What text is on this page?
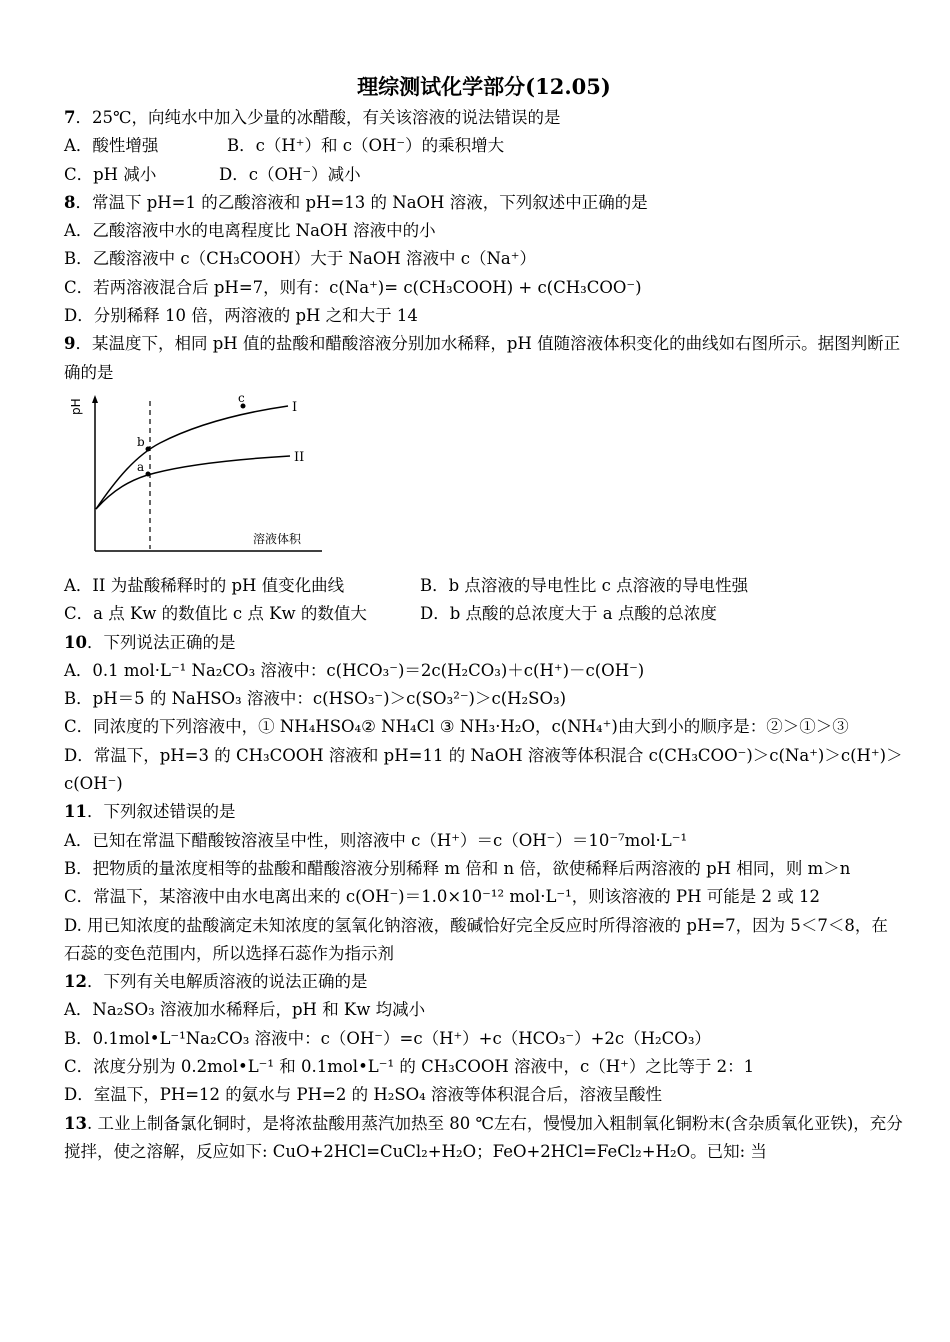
理综测试化学部分(12.05)
7．25℃，向纯水中加入少量的冰醋酸，有关该溶液的说法错误的是
A．酸性增强	B．c（H⁺）和 c（OH⁻）的乘积增大
C．pH 减小	D．c（OH⁻）减小
8．常温下 pH=1 的乙酸溶液和 pH=13 的 NaOH 溶液，下列叙述中正确的是
A．乙酸溶液中水的电离程度比 NaOH 溶液中的小
B．乙酸溶液中 c（CH₃COOH）大于 NaOH 溶液中 c（Na⁺）
C．若两溶液混合后 pH=7，则有：c(Na⁺)= c(CH₃COOH) + c(CH₃COO⁻)
D．分别稀释 10 倍，两溶液的 pH 之和大于 14
9．某温度下，相同 pH 值的盐酸和醋酸溶液分别加水稀释，pH 值随溶液体积变化的曲线如右图所示。据图判断正确的是
pH
溶液体积
I
II
b
a
c
A．II 为盐酸稀释时的 pH 值变化曲线	B．b 点溶液的导电性比 c 点溶液的导电性强
C．a 点 Kw 的数值比 c 点 Kw 的数值大	D．b 点酸的总浓度大于 a 点酸的总浓度
10．下列说法正确的是
A．0.1 mol·L⁻¹ Na₂CO₃ 溶液中：c(HCO₃⁻)＝2c(H₂CO₃)＋c(H⁺)－c(OH⁻)
B．pH＝5 的 NaHSO₃ 溶液中：c(HSO₃⁻)＞c(SO₃²⁻)＞c(H₂SO₃)
C．同浓度的下列溶液中，① NH₄HSO₄② NH₄Cl ③ NH₃·H₂O，c(NH₄⁺)由大到小的顺序是：②＞①＞③
D．常温下，pH=3 的 CH₃COOH 溶液和 pH=11 的 NaOH 溶液等体积混合 c(CH₃COO⁻)＞c(Na⁺)＞c(H⁺)＞c(OH⁻)
11．下列叙述错误的是
A．已知在常温下醋酸铵溶液呈中性，则溶液中 c（H⁺）＝c（OH⁻）＝10⁻⁷mol·L⁻¹
B．把物质的量浓度相等的盐酸和醋酸溶液分别稀释 m 倍和 n 倍，欲使稀释后两溶液的 pH 相同，则 m＞n
C．常温下，某溶液中由水电离出来的 c(OH⁻)＝1.0×10⁻¹² mol·L⁻¹，则该溶液的 PH 可能是 2 或 12
D. 用已知浓度的盐酸滴定未知浓度的氢氧化钠溶液，酸碱恰好完全反应时所得溶液的 pH=7，因为 5＜7＜8，在石蕊的变色范围内，所以选择石蕊作为指示剂
12．下列有关电解质溶液的说法正确的是
A．Na₂SO₃ 溶液加水稀释后，pH 和 Kw 均减小
B．0.1mol•L⁻¹Na₂CO₃ 溶液中：c（OH⁻）=c（H⁺）+c（HCO₃⁻）+2c（H₂CO₃）
C．浓度分别为 0.2mol•L⁻¹ 和 0.1mol•L⁻¹ 的 CH₃COOH 溶液中，c（H⁺）之比等于 2：1
D．室温下，PH=12 的氨水与 PH=2 的 H₂SO₄ 溶液等体积混合后，溶液呈酸性
13. 工业上制备氯化铜时，是将浓盐酸用蒸汽加热至 80 ℃左右，慢慢加入粗制氧化铜粉末(含杂质氧化亚铁)，充分搅拌，使之溶解，反应如下: CuO+2HCl=CuCl₂+H₂O；FeO+2HCl=FeCl₂+H₂O。已知: 当
